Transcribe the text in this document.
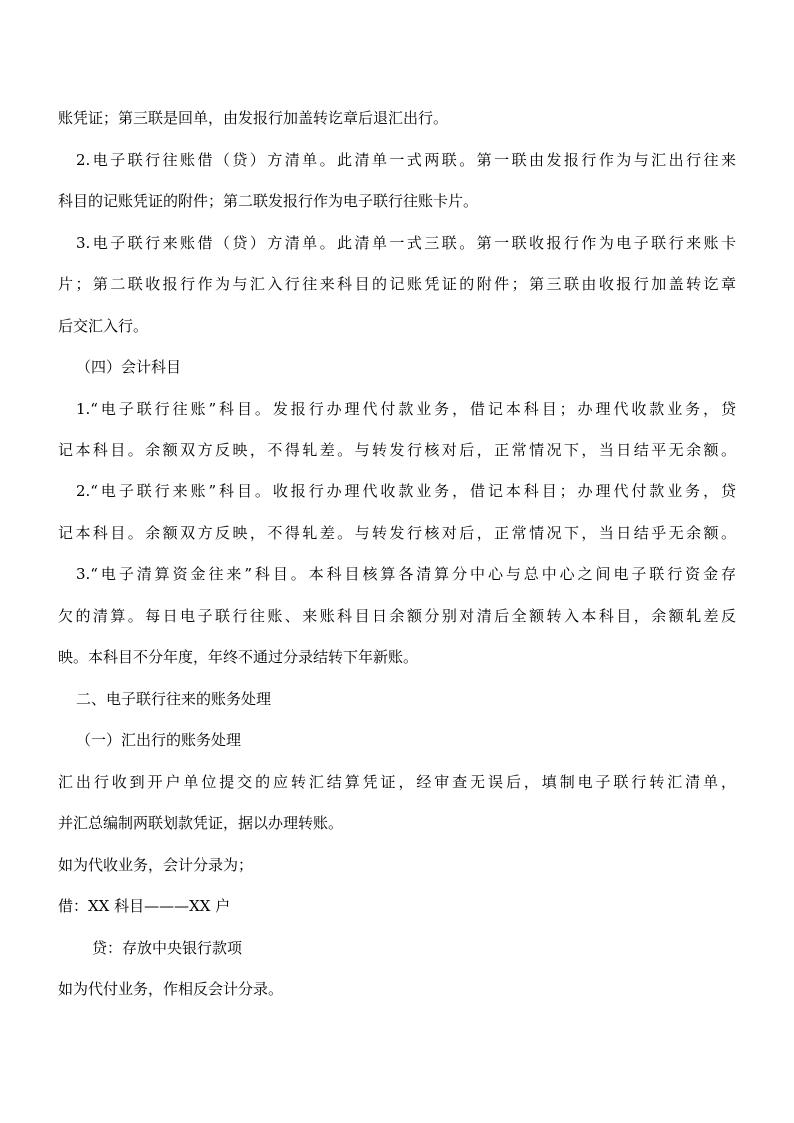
账凭证；第三联是回单，由发报行加盖转讫章后退汇出行。
2.电子联行往账借（贷）方清单。此清单一式两联。第一联由发报行作为与汇出行往来
科目的记账凭证的附件；第二联发报行作为电子联行往账卡片。
3.电子联行来账借（贷）方清单。此清单一式三联。第一联收报行作为电子联行来账卡
片；第二联收报行作为与汇入行往来科目的记账凭证的附件；第三联由收报行加盖转讫章
后交汇入行。
（四）会计科目
1.“电子联行往账”科目。发报行办理代付款业务，借记本科目；办理代收款业务，贷
记本科目。余额双方反映，不得轧差。与转发行核对后，正常情况下，当日结平无余额。
2.“电子联行来账”科目。收报行办理代收款业务，借记本科目；办理代付款业务，贷
记本科目。余额双方反映，不得轧差。与转发行核对后，正常情况下，当日结乎无余额。
3.“电子清算资金往来”科目。本科目核算各清算分中心与总中心之间电子联行资金存
欠的清算。每日电子联行往账、来账科目日余额分别对清后全额转入本科目，余额轧差反
映。本科目不分年度，年终不通过分录结转下年新账。
二、电子联行往来的账务处理
（一）汇出行的账务处理
汇出行收到开户单位提交的应转汇结算凭证，经审查无误后，填制电子联行转汇清单，
并汇总编制两联划款凭证，据以办理转账。
如为代收业务，会计分录为；
借：XX 科目———XX 户
贷：存放中央银行款项
如为代付业务，作相反会计分录。
